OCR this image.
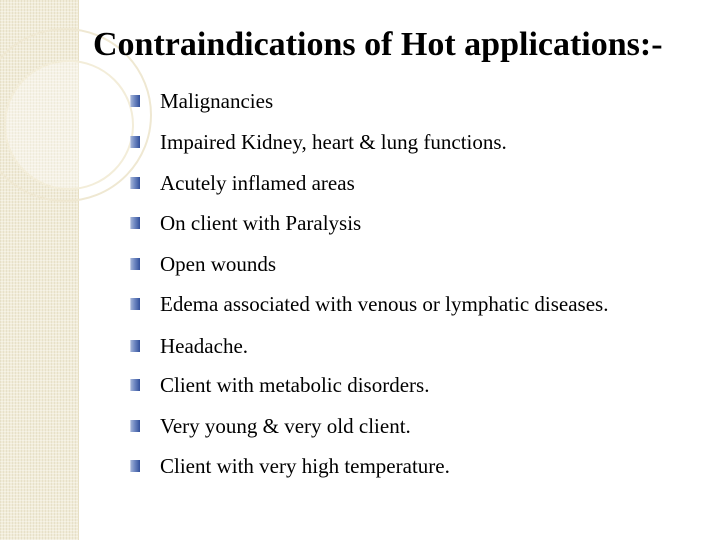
Contraindications of Hot applications:-
Malignancies
Impaired Kidney, heart & lung functions.
Acutely inflamed areas
On client with Paralysis
Open wounds
Edema associated with venous or lymphatic diseases.
Headache.
Client with metabolic disorders.
Very young & very old client.
Client with very high temperature.
